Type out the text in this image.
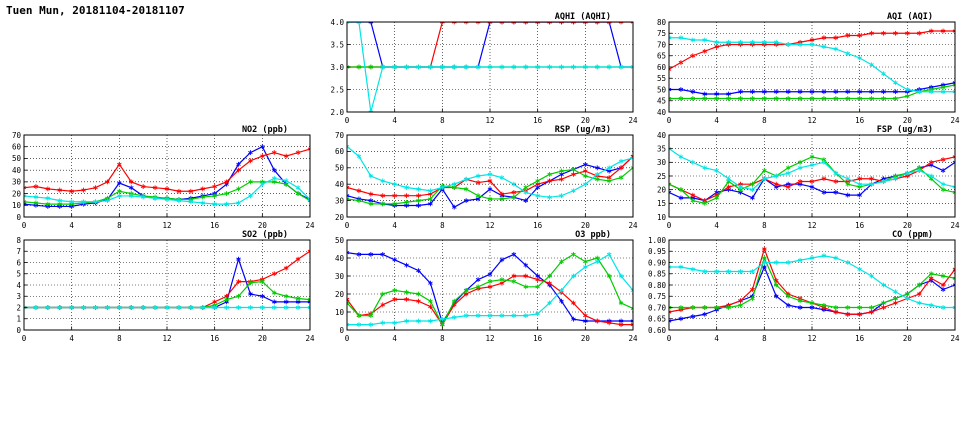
Tuen Mun, 20181104-20181107
0	4	8	12	16	20	24
2.0
2.5
3.0
3.5
4.0
AQHI (AQHI)
0	4	8	12	16	20	24
40
45
50
55
60
65
70
75
80
AQI (AQI)
0	4	8	12	16	20	24
0
10
20
30
40
50
60
70
NO2 (ppb)
0	4	8	12	16	20	24
20
30
40
50
60
70
RSP (ug/m3)
0	4	8	12	16	20	24
10
15
20
25
30
35
40
FSP (ug/m3)
0	4	8	12	16	20	24
0
1
2
3
4
5
6
7
8
SO2 (ppb)
0	4	8	12	16	20	24
0
10
20
30
40
50
O3 ppb)
0	4	8	12	16	20	24
0.60
0.65
0.70
0.75
0.80
0.85
0.90
0.95
1.00
CO (ppm)
